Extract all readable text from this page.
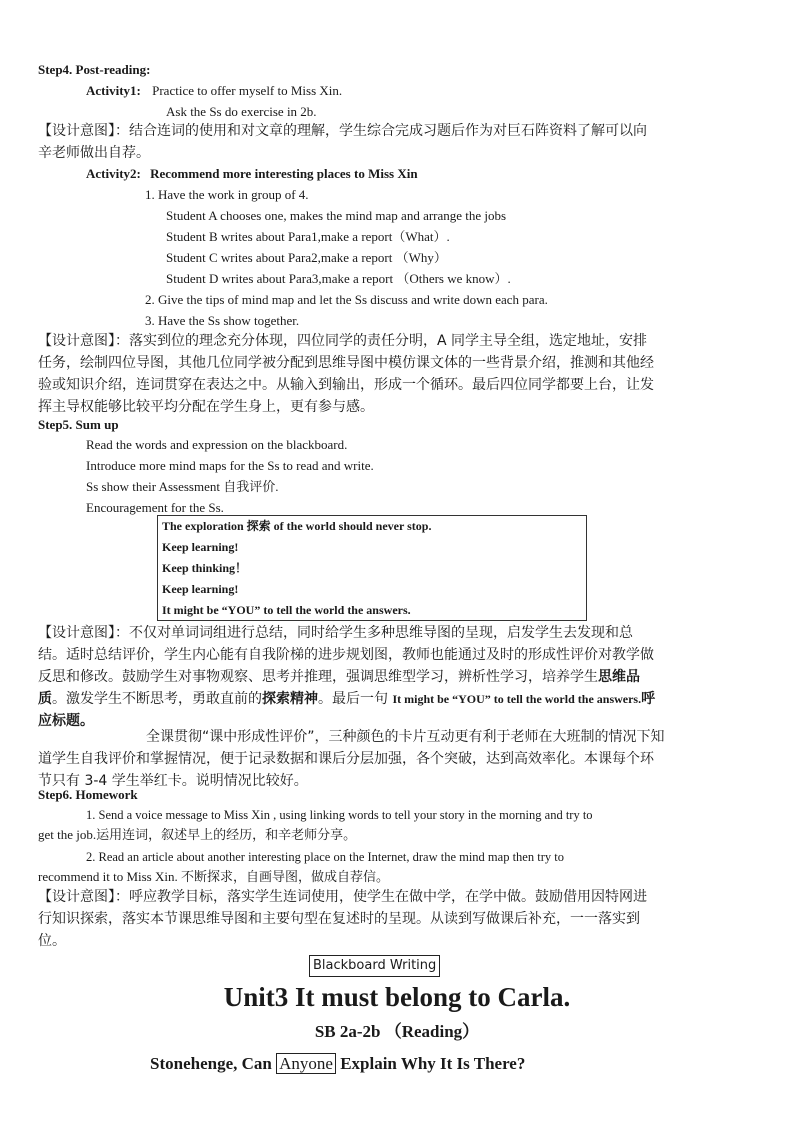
Step4. Post-reading:
Activity1: Practice to offer myself to Miss Xin.
Ask the Ss do exercise in 2b.
【设计意图】：结合连词的使用和对文章的理解，学生综合完成习题后作为对巨石阵资料了解可以向
辛老师做出自荐。
Activity2: Recommend more interesting places to Miss Xin
1. Have the work in group of 4.
Student A chooses one, makes the mind map and arrange the jobs
Student B writes about Para1,make a report（What）.
Student C writes about Para2,make a report （Why）
Student D writes about Para3,make a report （Others we know）.
2. Give the tips of mind map and let the Ss discuss and write down each para.
3. Have the Ss show together.
【设计意图】：落实到位的理念充分体现，四位同学的责任分明，A 同学主导全组，选定地址，安排
任务，绘制四位导图，其他几位同学被分配到思维导图中模仿课文体的一些背景介绍，推测和其他经
验或知识介绍，连词贯穿在表达之中。从输入到输出，形成一个循环。最后四位同学都要上台，让发
挥主导权能够比较平均分配在学生身上，更有参与感。
Step5. Sum up
Read the words and expression on the blackboard.
Introduce more mind maps for the Ss to read and write.
Ss show their Assessment 自我评价.
Encouragement for the Ss.
The exploration 探索 of the world should never stop.
Keep learning!
Keep thinking！
Keep learning!
It might be “YOU” to tell the world the answers.
【设计意图】：不仅对单词词组进行总结，同时给学生多种思维导图的呈现，启发学生去发现和总
结。适时总结评价，学生内心能有自我阶梯的进步规划图，教师也能通过及时的形成性评价对教学做
反思和修改。鼓励学生对事物观察、思考并推理，强调思维型学习，辨析性学习，培养学生思维品
质。激发学生不断思考，勇敢直前的探索精神。最后一句 It might be “YOU” to tell the world the answers.呼
应标题。
全课贯彻“课中形成性评价”，三种颜色的卡片互动更有利于老师在大班制的情况下知
道学生自我评价和掌握情况，便于记录数据和课后分层加强，各个突破，达到高效率化。本课每个环
节只有 3-4 学生举红卡。说明情况比较好。
Step6. Homework
1. Send a voice message to Miss Xin , using linking words to tell your story in the morning and try to
get the job.运用连词，叙述早上的经历，和辛老师分享。
2. Read an article about another interesting place on the Internet, draw the mind map then try to
recommend it to Miss Xin. 不断探求，自画导图，做成自荐信。
【设计意图】：呼应教学目标，落实学生连词使用，使学生在做中学，在学中做。鼓励借用因特网进
行知识探索，落实本节课思维导图和主要句型在复述时的呈现。从读到写做课后补充，一一落实到
位。
Blackboard Writing
Unit3 It must belong to Carla.
SB 2a-2b （Reading）
Stonehenge, Can Anyone Explain Why It Is There?
